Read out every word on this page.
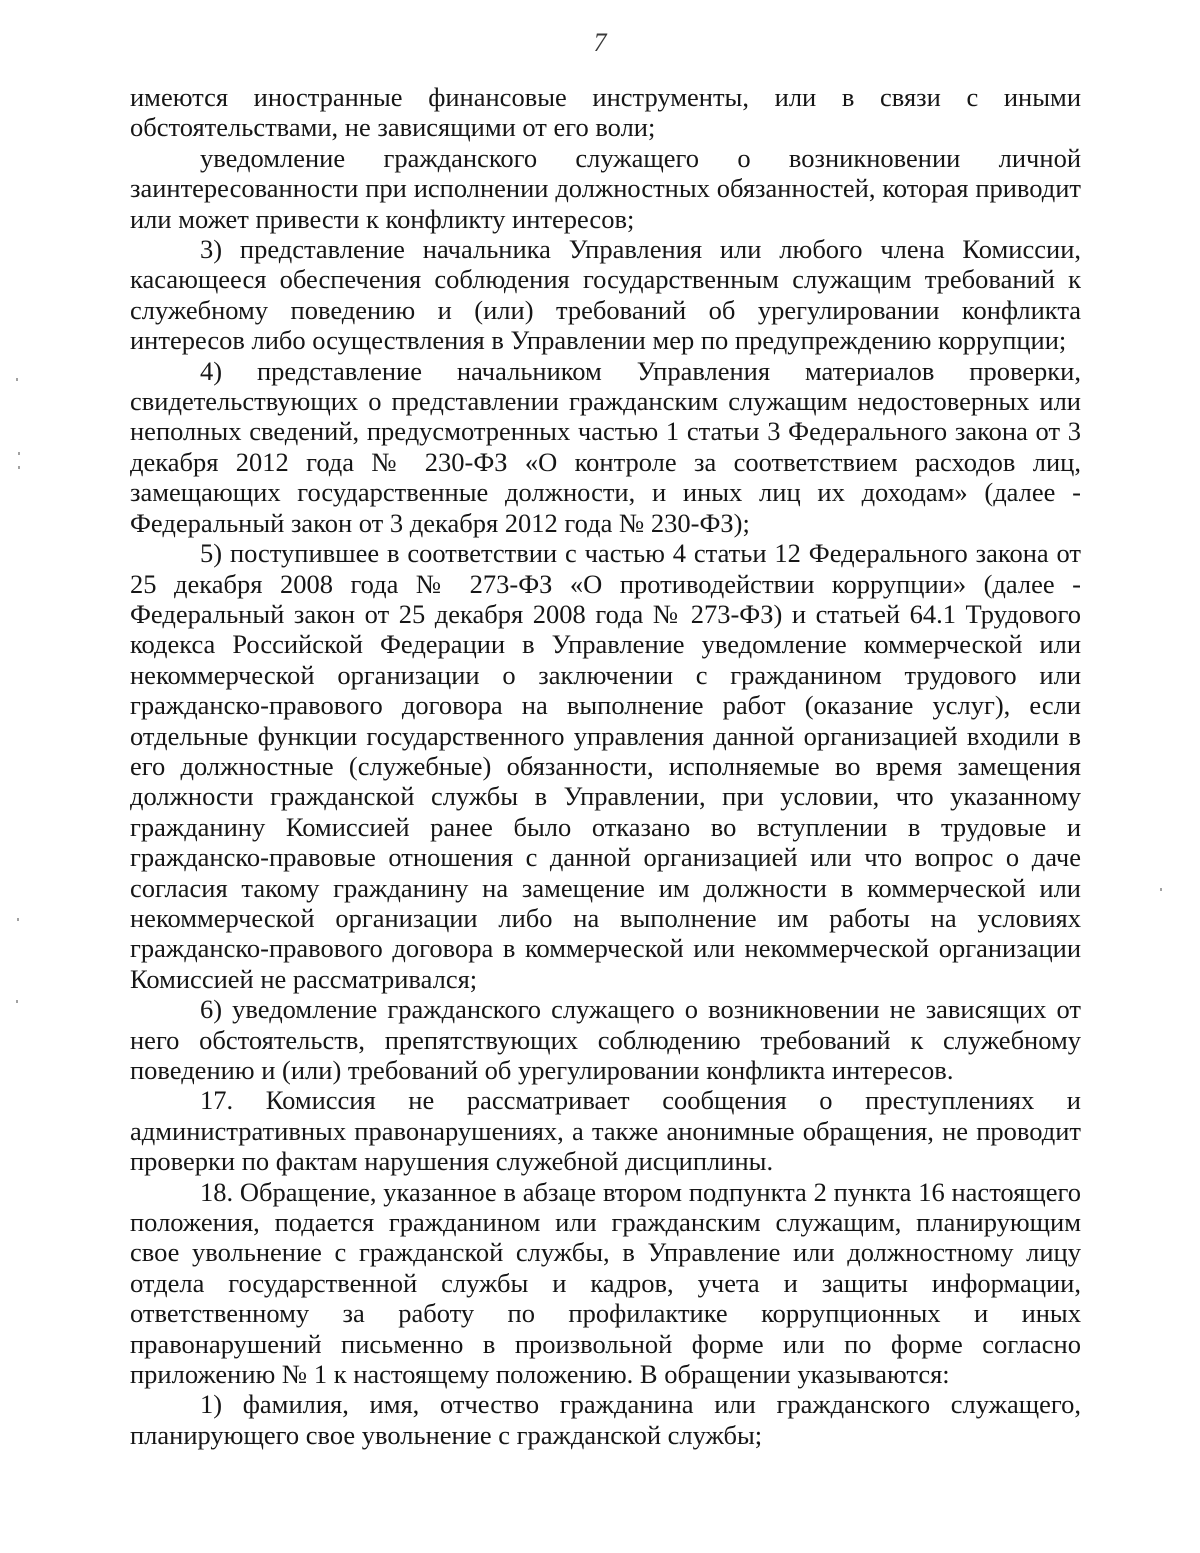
7

имеются иностранные финансовые инструменты, или в связи с иными обстоятельствами, не зависящими от его воли;

уведомление гражданского служащего о возникновении личной заинтересованности при исполнении должностных обязанностей, которая приводит или может привести к конфликту интересов;

3) представление начальника Управления или любого члена Комиссии, касающееся обеспечения соблюдения государственным служащим требований к служебному поведению и (или) требований об урегулировании конфликта интересов либо осуществления в Управлении мер по предупреждению коррупции;

4) представление начальником Управления материалов проверки, свидетельствующих о представлении гражданским служащим недостоверных или неполных сведений, предусмотренных частью 1 статьи 3 Федерального закона от 3 декабря 2012 года № 230-ФЗ «О контроле за соответствием расходов лиц, замещающих государственные должности, и иных лиц их доходам» (далее - Федеральный закон от 3 декабря 2012 года № 230-ФЗ);

5) поступившее в соответствии с частью 4 статьи 12 Федерального закона от 25 декабря 2008 года № 273-ФЗ «О противодействии коррупции» (далее - Федеральный закон от 25 декабря 2008 года № 273-ФЗ) и статьей 64.1 Трудового кодекса Российской Федерации в Управление уведомление коммерческой или некоммерческой организации о заключении с гражданином трудового или гражданско-правового договора на выполнение работ (оказание услуг), если отдельные функции государственного управления данной организацией входили в его должностные (служебные) обязанности, исполняемые во время замещения должности гражданской службы в Управлении, при условии, что указанному гражданину Комиссией ранее было отказано во вступлении в трудовые и гражданско-правовые отношения с данной организацией или что вопрос о даче согласия такому гражданину на замещение им должности в коммерческой или некоммерческой организации либо на выполнение им работы на условиях гражданско-правового договора в коммерческой или некоммерческой организации Комиссией не рассматривался;

6) уведомление гражданского служащего о возникновении не зависящих от него обстоятельств, препятствующих соблюдению требований к служебному поведению и (или) требований об урегулировании конфликта интересов.

17. Комиссия не рассматривает сообщения о преступлениях и административных правонарушениях, а также анонимные обращения, не проводит проверки по фактам нарушения служебной дисциплины.

18. Обращение, указанное в абзаце втором подпункта 2 пункта 16 настоящего положения, подается гражданином или гражданским служащим, планирующим свое увольнение с гражданской службы, в Управление или должностному лицу отдела государственной службы и кадров, учета и защиты информации, ответственному за работу по профилактике коррупционных и иных правонарушений письменно в произвольной форме или по форме согласно приложению № 1 к настоящему положению. В обращении указываются:

1) фамилия, имя, отчество гражданина или гражданского служащего, планирующего свое увольнение с гражданской службы;
